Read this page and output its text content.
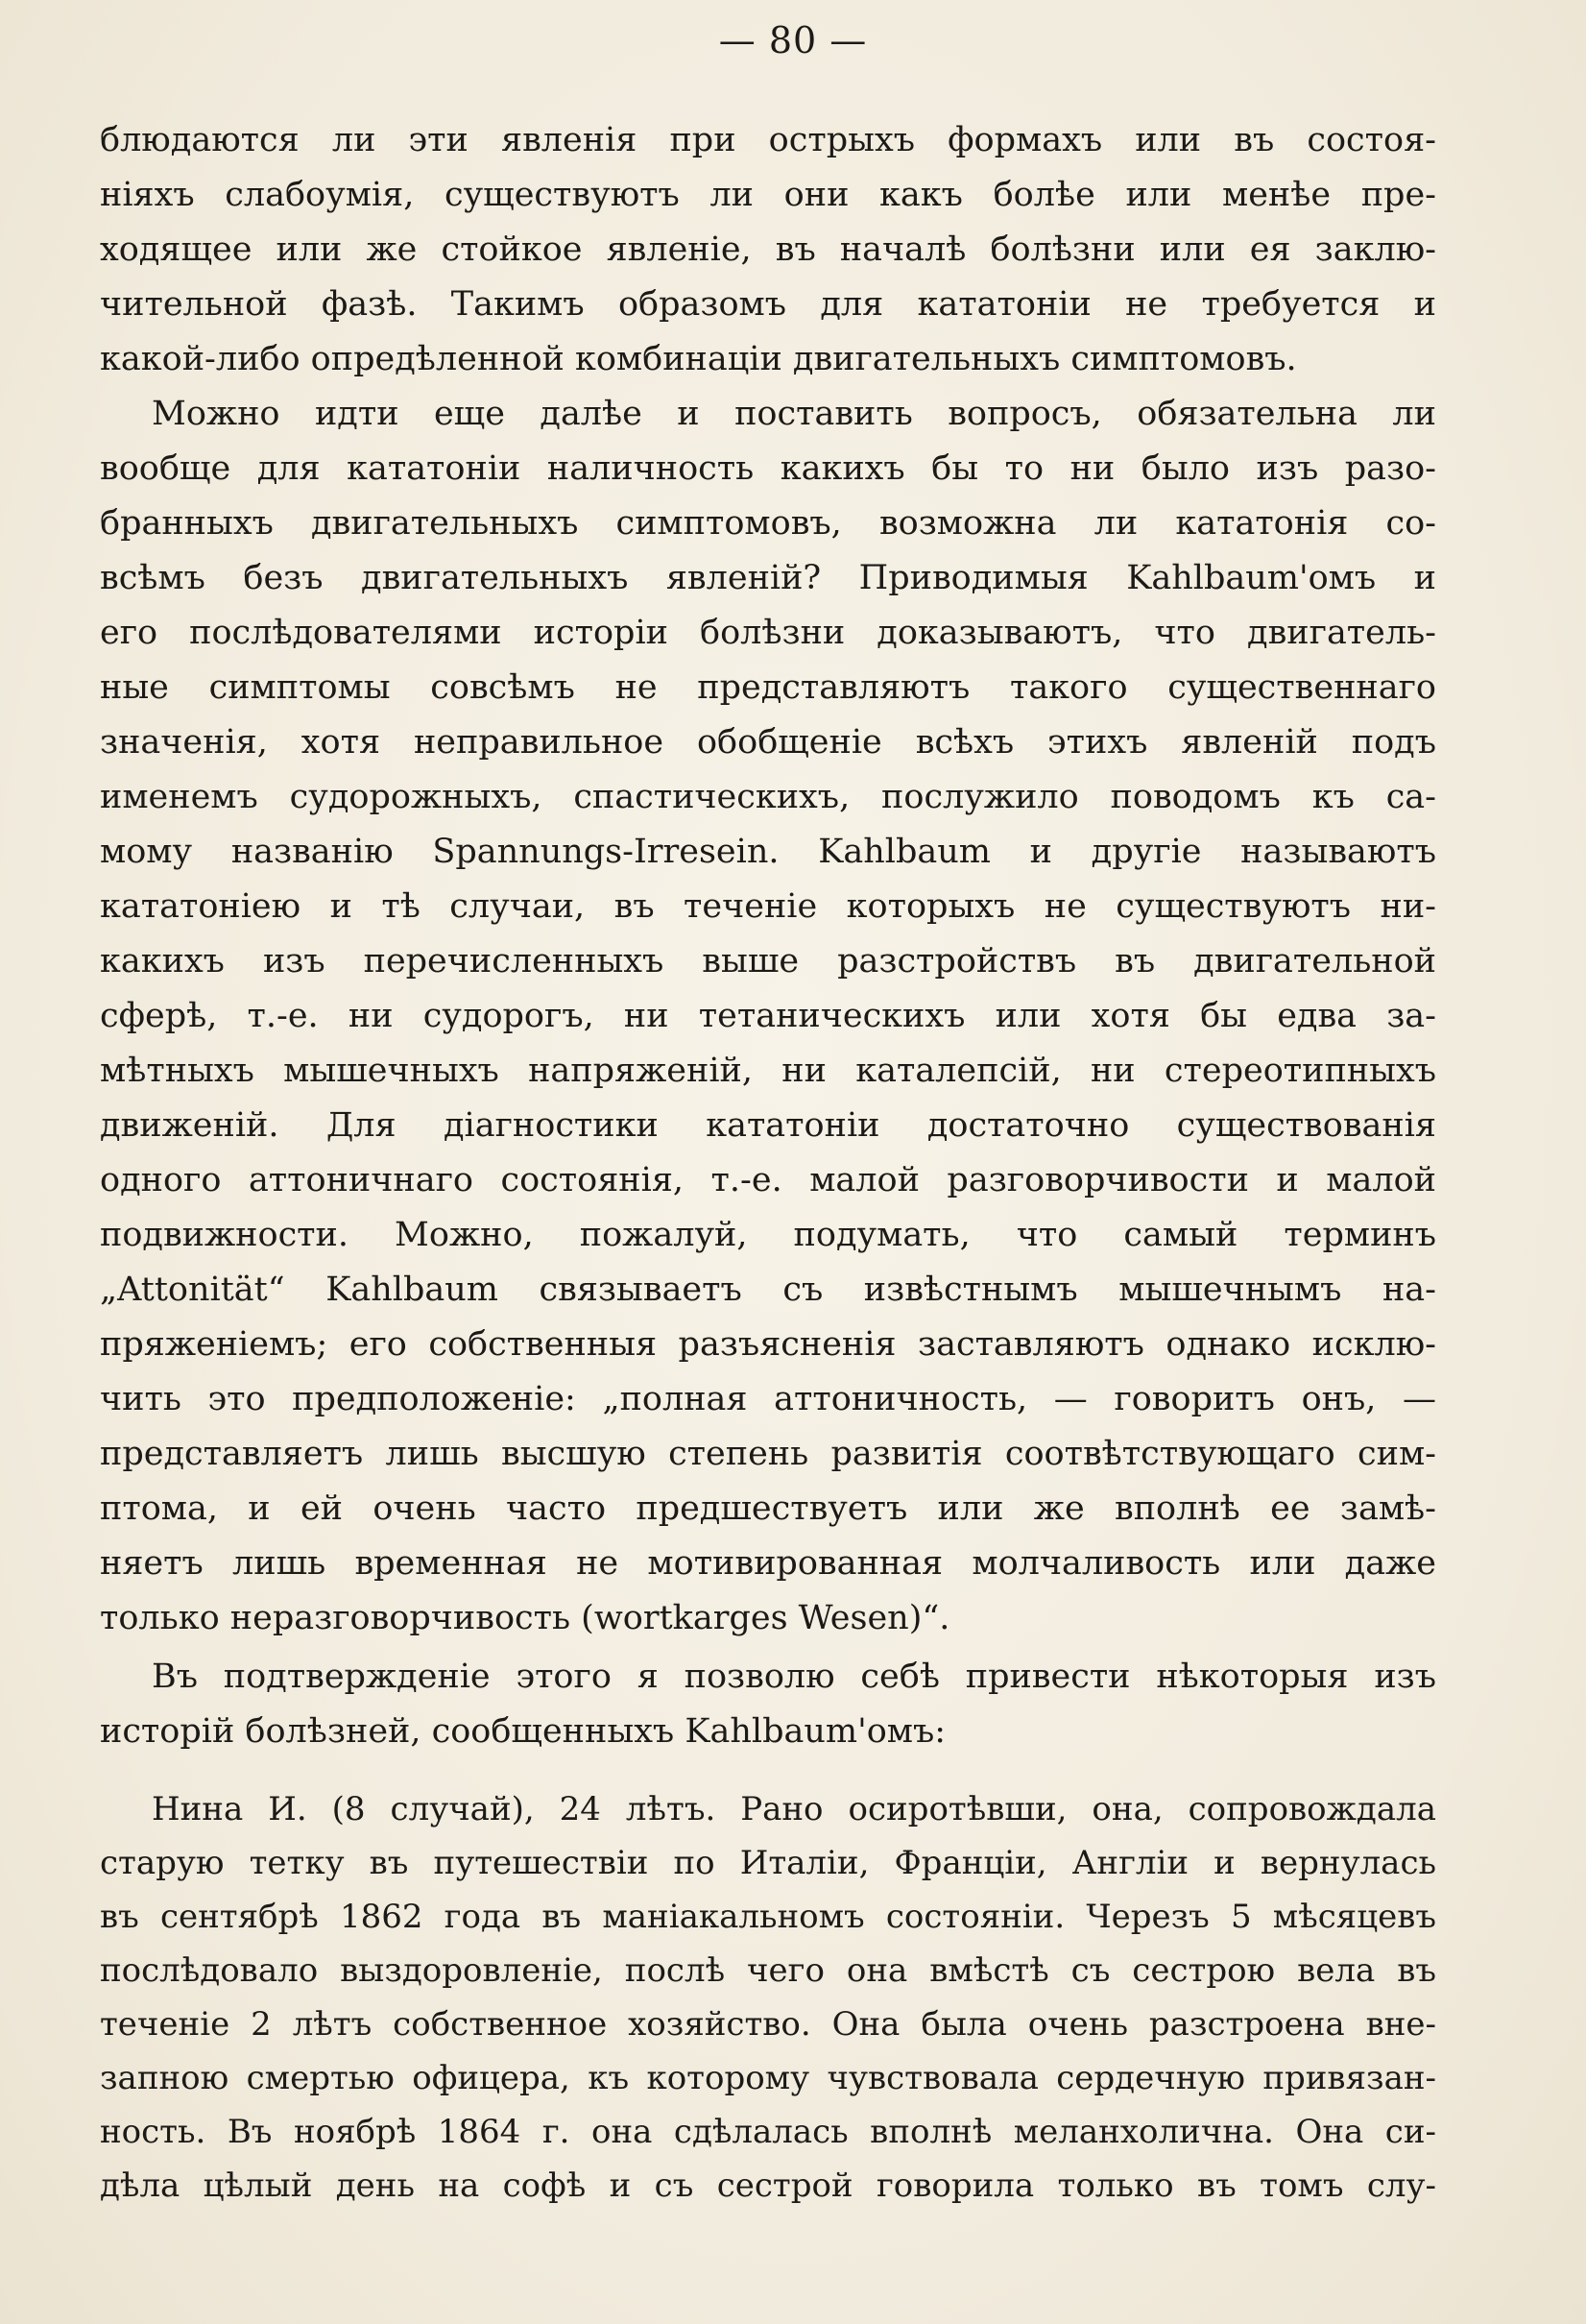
— 80 —
блюдаются ли эти явленія при острыхъ формахъ или въ состоя-
ніяхъ слабоумія, существуютъ ли они какъ болѣе или менѣе пре-
ходящее или же стойкое явленіе, въ началѣ болѣзни или ея заклю-
чительной фазѣ. Такимъ образомъ для кататоніи не требуется и
какой-либо опредѣленной комбинаціи двигательныхъ симптомовъ.
Можно идти еще далѣе и поставить вопросъ, обязательна ли
вообще для кататоніи наличность какихъ бы то ни было изъ разо-
бранныхъ двигательныхъ симптомовъ, возможна ли кататонія со-
всѣмъ безъ двигательныхъ явленій? Приводимыя Kahlbaum'омъ и
его послѣдователями исторіи болѣзни доказываютъ, что двигатель-
ные симптомы совсѣмъ не представляютъ такого существеннаго
значенія, хотя неправильное обобщеніе всѣхъ этихъ явленій подъ
именемъ судорожныхъ, спастическихъ, послужило поводомъ къ са-
мому названію Spannungs-Irresein. Kahlbaum и другіе называютъ
кататоніею и тѣ случаи, въ теченіе которыхъ не существуютъ ни-
какихъ изъ перечисленныхъ выше разстройствъ въ двигательной
сферѣ, т.-е. ни судорогъ, ни тетаническихъ или хотя бы едва за-
мѣтныхъ мышечныхъ напряженій, ни каталепсій, ни стереотипныхъ
движеній. Для діагностики кататоніи достаточно существованія
одного аттоничнаго состоянія, т.-е. малой разговорчивости и малой
подвижности. Можно, пожалуй, подумать, что самый терминъ
„Attonität“ Kahlbaum связываетъ съ извѣстнымъ мышечнымъ на-
пряженіемъ; его собственныя разъясненія заставляютъ однако исклю-
чить это предположеніе: „полная аттоничность, — говоритъ онъ, —
представляетъ лишь высшую степень развитія соотвѣтствующаго сим-
птома, и ей очень часто предшествуетъ или же вполнѣ ее замѣ-
няетъ лишь временная не мотивированная молчаливость или даже
только неразговорчивость (wortkarges Wesen)“.
Въ подтвержденіе этого я позволю себѣ привести нѣкоторыя изъ
исторій болѣзней, сообщенныхъ Kahlbaum'омъ:
Нина И. (8 случай), 24 лѣтъ. Рано осиротѣвши, она, сопровождала
старую тетку въ путешествіи по Италіи, Франціи, Англіи и вернулась
въ сентябрѣ 1862 года въ маніакальномъ состояніи. Черезъ 5 мѣсяцевъ
послѣдовало выздоровленіе, послѣ чего она вмѣстѣ съ сестрою вела въ
теченіе 2 лѣтъ собственное хозяйство. Она была очень разстроена вне-
запною смертью офицера, къ которому чувствовала сердечную привязан-
ность. Въ ноябрѣ 1864 г. она сдѣлалась вполнѣ меланхолична. Она си-
дѣла цѣлый день на софѣ и съ сестрой говорила только въ томъ слу-
